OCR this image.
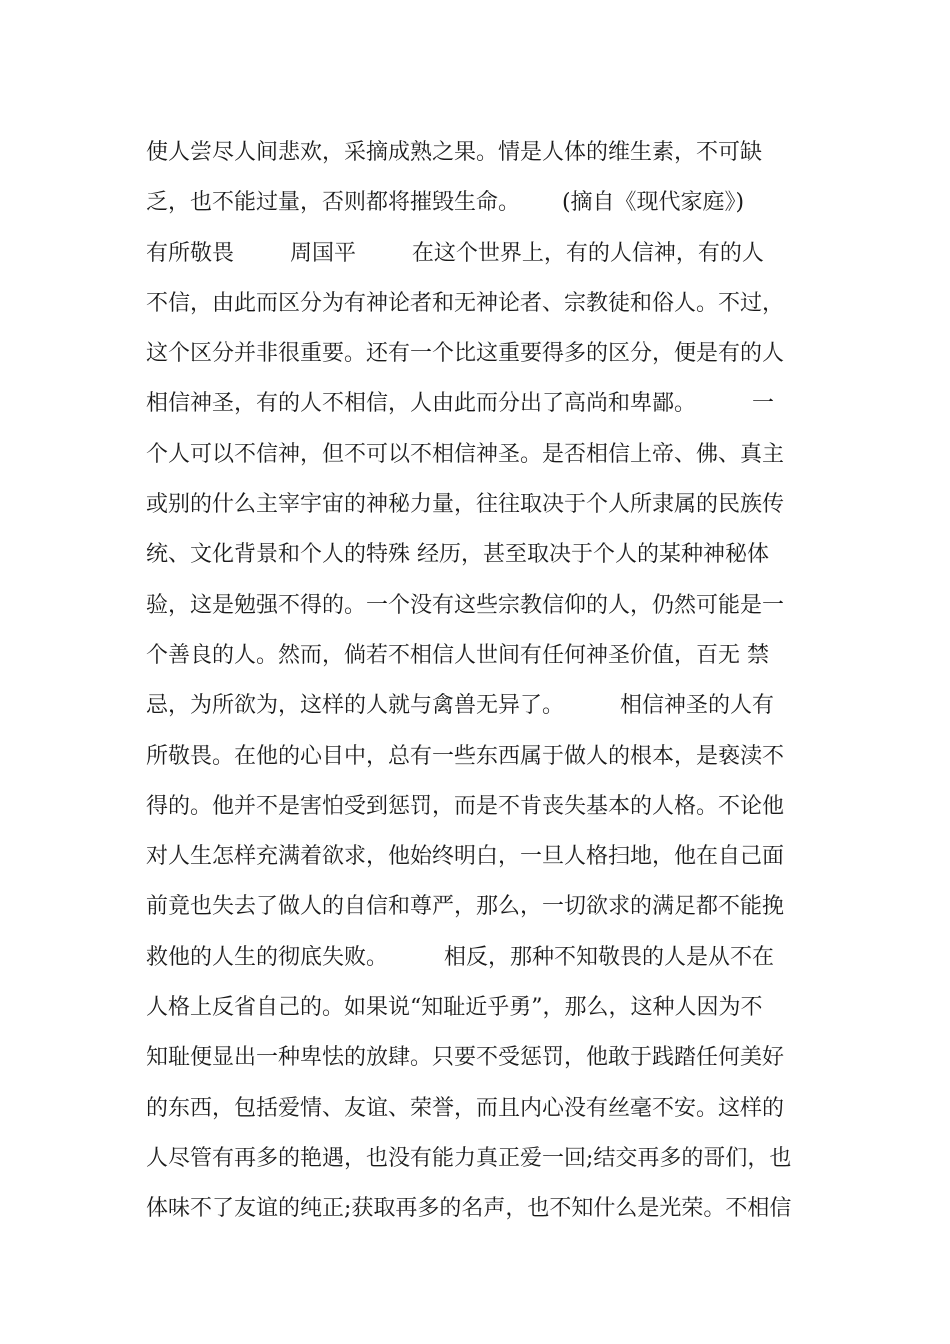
使人尝尽人间悲欢，采摘成熟之果。情是人体的维生素，不可缺
乏，也不能过量，否则都将摧毁生命。      (摘自《现代家庭》)
有所敬畏        周国平        在这个世界上，有的人信神，有的人
不信，由此而区分为有神论者和无神论者、宗教徒和俗人。不过，
这个区分并非很重要。还有一个比这重要得多的区分，便是有的人
相信神圣，有的人不相信，人由此而分出了高尚和卑鄙。        一
个人可以不信神，但不可以不相信神圣。是否相信上帝、佛、真主
或别的什么主宰宇宙的神秘力量，往往取决于个人所隶属的民族传
统、文化背景和个人的特殊 经历，甚至取决于个人的某种神秘体
验，这是勉强不得的。一个没有这些宗教信仰的人，仍然可能是一
个善良的人。然而，倘若不相信人世间有任何神圣价值，百无 禁
忌，为所欲为，这样的人就与禽兽无异了。        相信神圣的人有
所敬畏。在他的心目中，总有一些东西属于做人的根本，是亵渎不
得的。他并不是害怕受到惩罚，而是不肯丧失基本的人格。不论他
对人生怎样充满着欲求，他始终明白，一旦人格扫地，他在自己面
前竟也失去了做人的自信和尊严，那么，一切欲求的满足都不能挽
救他的人生的彻底失败。        相反，那种不知敬畏的人是从不在
人格上反省自己的。如果说“知耻近乎勇”，那么，这种人因为不
知耻便显出一种卑怯的放肆。只要不受惩罚，他敢于践踏任何美好
的东西，包括爱情、友谊、荣誉，而且内心没有丝毫不安。这样的
人尽管有再多的艳遇，也没有能力真正爱一回;结交再多的哥们，也
体味不了友谊的纯正;获取再多的名声，也不知什么是光荣。不相信
